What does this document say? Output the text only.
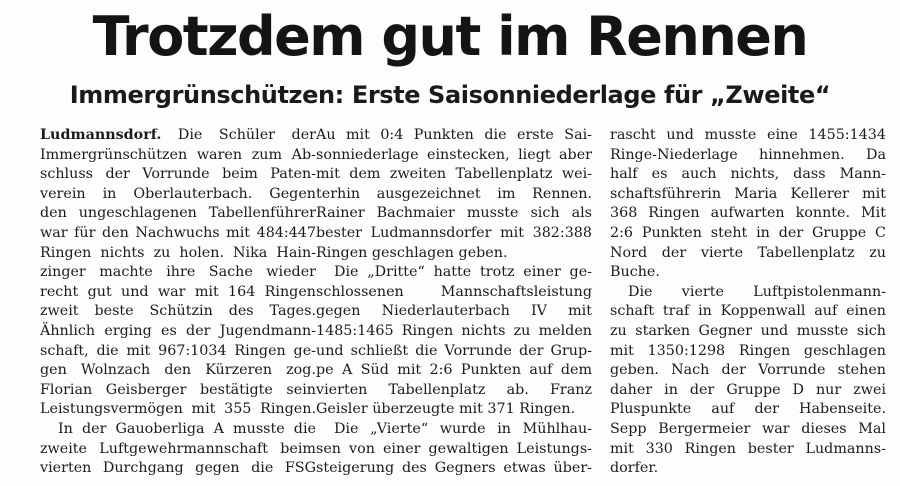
Trotzdem gut im Rennen
Immergrünschützen: Erste Saisonniederlage für „Zweite“
Ludmannsdorf. Die Schüler der
Immergrünschützen waren zum Ab-
schluss der Vorrunde beim Paten-
verein in Oberlauterbach. Gegen
den ungeschlagenen Tabellenführer
war für den Nachwuchs mit 484:447
Ringen nichts zu holen. Nika Hain-
zinger machte ihre Sache wieder
recht gut und war mit 164 Ringen
zweit beste Schützin des Tages.
Ähnlich erging es der Jugendmann-
schaft, die mit 967:1034 Ringen ge-
gen Wolnzach den Kürzeren zog.
Florian Geisberger bestätigte sein
Leistungsvermögen mit 355 Ringen.
In der Gauoberliga A musste die
zweite Luftgewehrmannschaft beim
vierten Durchgang gegen die FSG
Au mit 0:4 Punkten die erste Sai-
sonniederlage einstecken, liegt aber
mit dem zweiten Tabellenplatz wei-
terhin ausgezeichnet im Rennen.
Rainer Bachmaier musste sich als
bester Ludmannsdorfer mit 382:388
Ringen geschlagen geben.
Die „Dritte“ hatte trotz einer ge-
schlossenen Mannschaftsleistung
gegen Niederlauterbach IV mit
1485:1465 Ringen nichts zu melden
und schließt die Vorrunde der Grup-
pe A Süd mit 2:6 Punkten auf dem
vierten Tabellenplatz ab. Franz
Geisler überzeugte mit 371 Ringen.
Die „Vierte“ wurde in Mühlhau-
sen von einer gewaltigen Leistungs-
steigerung des Gegners etwas über-
rascht und musste eine 1455:1434
Ringe-Niederlage hinnehmen. Da
half es auch nichts, dass Mann-
schaftsführerin Maria Kellerer mit
368 Ringen aufwarten konnte. Mit
2:6 Punkten steht in der Gruppe C
Nord der vierte Tabellenplatz zu
Buche.
Die vierte Luftpistolenmann-
schaft traf in Koppenwall auf einen
zu starken Gegner und musste sich
mit 1350:1298 Ringen geschlagen
geben. Nach der Vorrunde stehen
daher in der Gruppe D nur zwei
Pluspunkte auf der Habenseite.
Sepp Bergermeier war dieses Mal
mit 330 Ringen bester Ludmanns-
dorfer.
